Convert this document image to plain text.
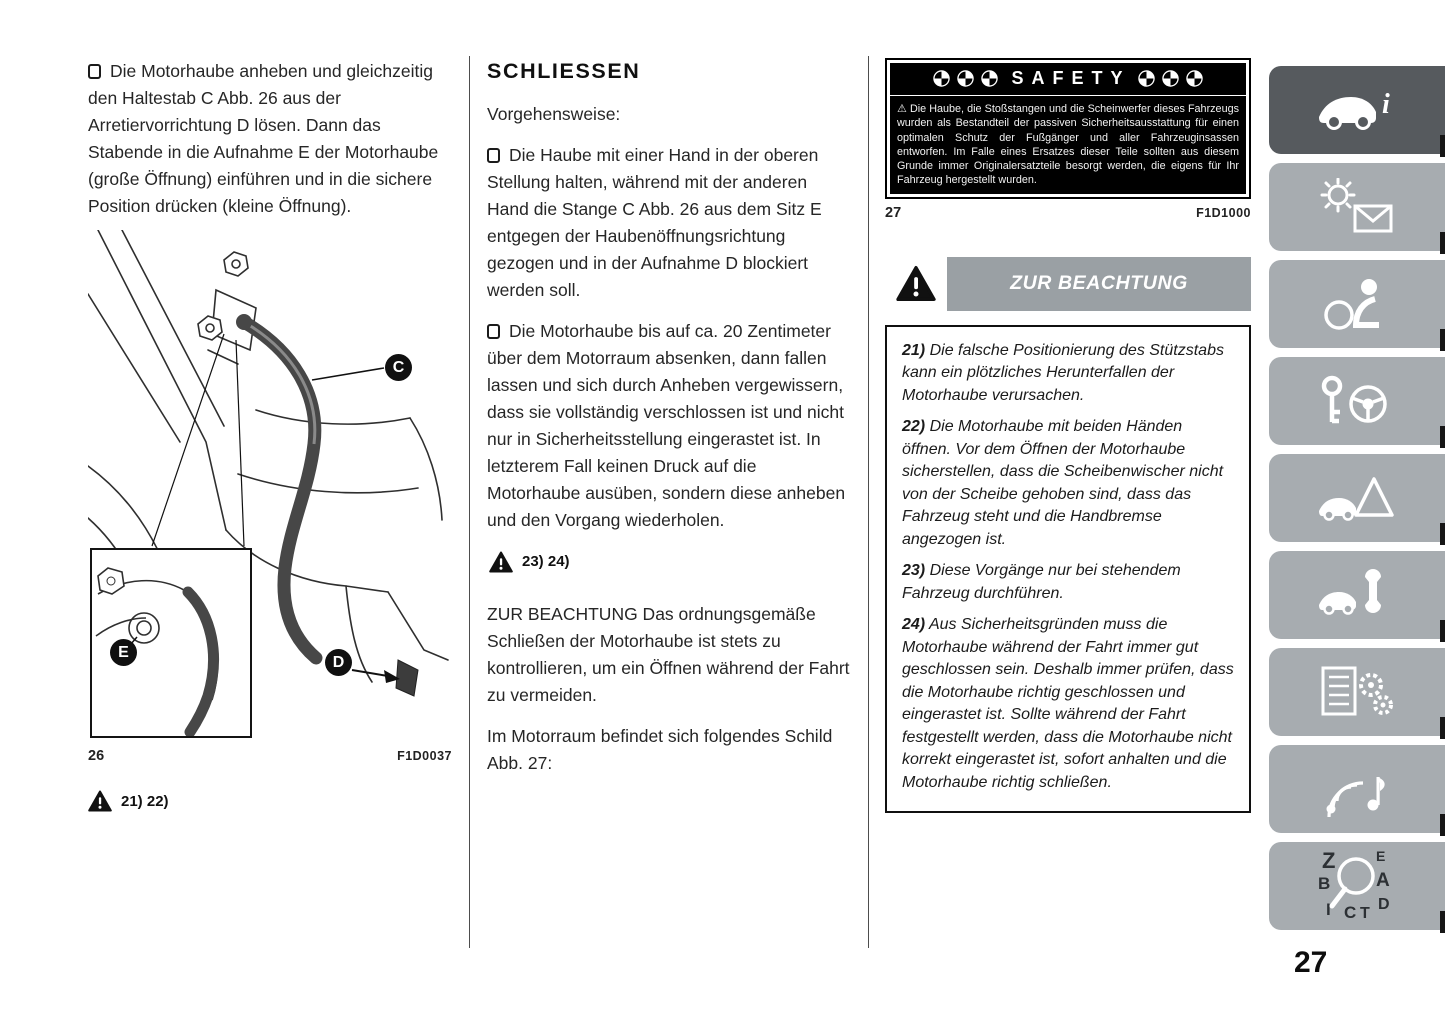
Die Motorhaube anheben und gleichzeitig den Haltestab C Abb. 26 aus der Arretiervorrichtung D lösen. Dann das Stabende in die Aufnahme E der Motorhaube (große Öffnung) einführen und in die sichere Position drücken (kleine Öffnung).

C
D
E
26	F1D0037
21) 22)
SCHLIESSEN

Vorgehensweise:

Die Haube mit einer Hand in der oberen Stellung halten, während mit der anderen Hand die Stange C Abb. 26 aus dem Sitz E entgegen der Haubenöffnungsrichtung gezogen und in der Aufnahme D blockiert werden soll.

Die Motorhaube bis auf ca. 20 Zentimeter über dem Motorraum absenken, dann fallen lassen und sich durch Anheben vergewissern, dass sie vollständig verschlossen ist und nicht nur in Sicherheitsstellung eingerastet ist. In letzterem Fall keinen Druck auf die Motorhaube ausüben, sondern diese anheben und den Vorgang wiederholen.

23) 24)

ZUR BEACHTUNG Das ordnungsgemäße Schließen der Motorhaube ist stets zu kontrollieren, um ein Öffnen während der Fahrt zu vermeiden.

Im Motorraum befindet sich folgendes Schild Abb. 27:

SAFETY
⚠ Die Haube, die Stoßstangen und die Scheinwerfer dieses Fahrzeugs wurden als Bestandteil der passiven Sicherheitsausstattung für einen optimalen Schutz der Fußgänger und aller Fahrzeuginsassen entworfen. Im Falle eines Ersatzes dieser Teile sollten aus diesem Grunde immer Originalersatzteile besorgt werden, die eigens für Ihr Fahrzeug hergestellt wurden.
27	F1D1000
ZUR BEACHTUNG

21) Die falsche Positionierung des Stützstabs kann ein plötzliches Herunterfallen der Motorhaube verursachen.

22) Die Motorhaube mit beiden Händen öffnen. Vor dem Öffnen der Motorhaube sicherstellen, dass die Scheibenwischer nicht von der Scheibe gehoben sind, dass das Fahrzeug steht und die Handbremse angezogen ist.

23) Diese Vorgänge nur bei stehendem Fahrzeug durchführen.

24) Aus Sicherheitsgründen muss die Motorhaube während der Fahrt immer gut geschlossen sein. Deshalb immer prüfen, dass die Motorhaube richtig geschlossen und eingerastet ist. Sollte während der Fahrt festgestellt werden, dass die Motorhaube nicht korrekt eingerastet ist, sofort anhalten und die Motorhaube richtig schließen.

i
Z	E
B A
I C T
D
27
